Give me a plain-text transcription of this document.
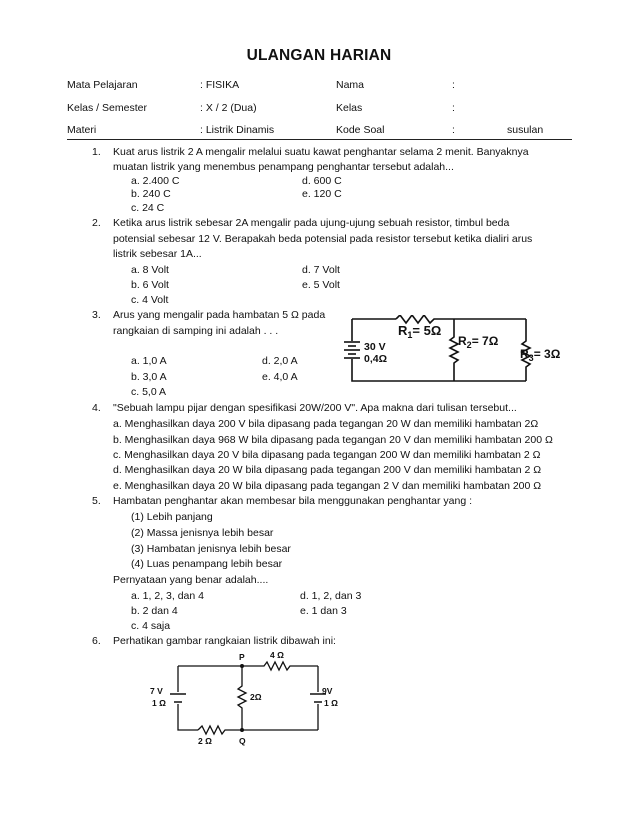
ULANGAN HARIAN
Mata Pelajaran	: FISIKA	Nama	:
Kelas / Semester	: X / 2 (Dua)	Kelas	:
Materi	: Listrik Dinamis	Kode Soal	:	susulan
1. Kuat arus listrik 2 A mengalir melalui suatu kawat penghantar selama 2 menit. Banyaknya
muatan listrik yang menembus penampang penghantar tersebut adalah...
a. 2.400 C	d. 600 C
b. 240 C	e. 120 C
c. 24 C
2. Ketika arus listrik sebesar 2A mengalir pada ujung-ujung sebuah resistor, timbul beda
potensial sebesar 12 V. Berapakah beda potensial pada resistor tersebut ketika dialiri arus
listrik sebesar 1A...
a. 8 Volt	d. 7 Volt
b. 6 Volt	e. 5 Volt
c. 4 Volt
3. Arus yang mengalir pada hambatan 5 Ω pada
rangkaian di samping ini adalah . . .
a. 1,0 A	d. 2,0 A
b. 3,0 A	e. 4,0 A
c. 5,0 A
$R_1= 5\Omega$
$R_2= 7\Omega$
$R_3= 3\Omega$
30 V
0,4Ω
4. "Sebuah lampu pijar dengan spesifikasi 20W/200 V". Apa makna dari tulisan tersebut...
a. Menghasilkan daya 200 V bila dipasang pada tegangan 20 W dan memiliki hambatan 2Ω
b. Menghasilkan daya 968 W bila dipasang pada tegangan 20 V dan memiliki hambatan 200 Ω
c. Menghasilkan daya 20 V bila dipasang pada tegangan 200 W dan memiliki hambatan 2 Ω
d. Menghasilkan daya 20 W bila dipasang pada tegangan 200 V dan memiliki hambatan 2 Ω
e. Menghasilkan daya 20 W bila dipasang pada tegangan 2 V dan memiliki hambatan 200 Ω
5. Hambatan penghantar akan membesar bila menggunakan penghantar yang :
(1) Lebih panjang
(2) Massa jenisnya lebih besar
(3) Hambatan jenisnya lebih besar
(4) Luas penampang lebih besar
Pernyataan yang benar adalah....
a. 1, 2, 3, dan 4	d. 1, 2, dan 3
b. 2 dan 4	e. 1 dan 3
c. 4 saja
6. Perhatikan gambar rangkaian listrik dibawah ini:
7 V
1 Ω
9V
1 Ω
4 Ω
2Ω
2 Ω
P
Q
